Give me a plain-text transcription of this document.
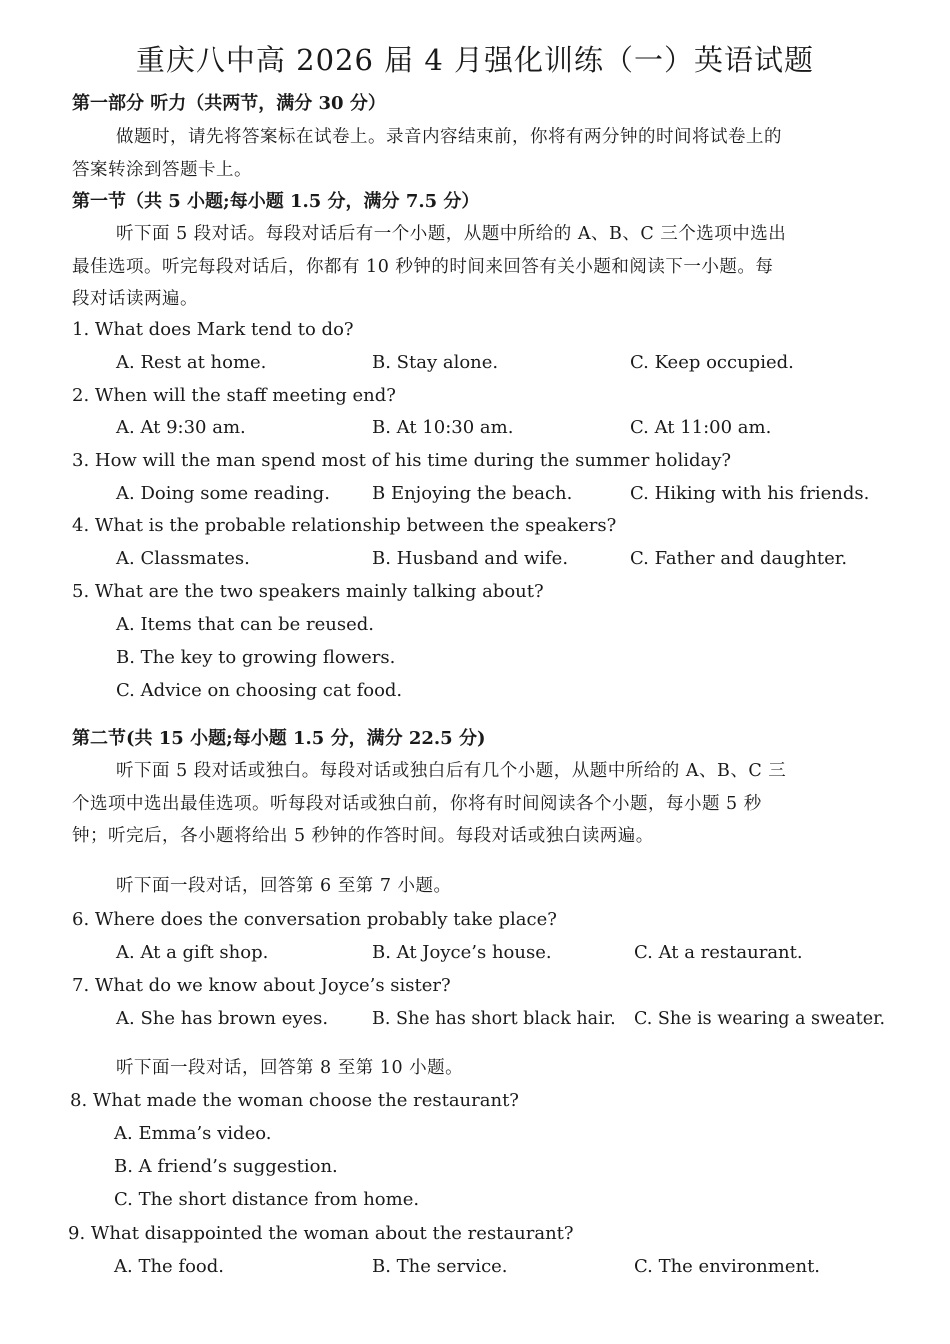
重庆八中高 2026 届 4 月强化训练（一）英语试题
第一部分 听力（共两节，满分 30 分）
做题时，请先将答案标在试卷上。录音内容结束前，你将有两分钟的时间将试卷上的
答案转涂到答题卡上。
第一节（共 5 小题;每小题 1.5 分，满分 7.5 分）
听下面 5 段对话。每段对话后有一个小题，从题中所给的 A、B、C 三个选项中选出
最佳选项。听完每段对话后，你都有 10 秒钟的时间来回答有关小题和阅读下一小题。每
段对话读两遍。
1. What does Mark tend to do?
A. Rest at home.	B. Stay alone.	C. Keep occupied.
2. When will the staff meeting end?
A. At 9:30 am.	B. At 10:30 am.	C. At 11:00 am.
3. How will the man spend most of his time during the summer holiday?
A. Doing some reading. B Enjoying the beach.	C. Hiking with his friends.
4. What is the probable relationship between the speakers?
A. Classmates.	B. Husband and wife.	C. Father and daughter.
5. What are the two speakers mainly talking about?
A. Items that can be reused.
B. The key to growing flowers.
C. Advice on choosing cat food.
第二节(共 15 小题;每小题 1.5 分，满分 22.5 分)
听下面 5 段对话或独白。每段对话或独白后有几个小题，从题中所给的 A、B、C 三
个选项中选出最佳选项。听每段对话或独白前，你将有时间阅读各个小题，每小题 5 秒
钟；听完后，各小题将给出 5 秒钟的作答时间。每段对话或独白读两遍。
听下面一段对话，回答第 6 至第 7 小题。
6. Where does the conversation probably take place?
A. At a gift shop.	B. At Joyce’s house.	C. At a restaurant.
7. What do we know about Joyce’s sister?
A. She has brown eyes.	B. She has short black hair. C. She is wearing a sweater.
听下面一段对话，回答第 8 至第 10 小题。
8. What made the woman choose the restaurant?
A. Emma’s video.
B. A friend’s suggestion.
C. The short distance from home.
9. What disappointed the woman about the restaurant?
A. The food.	B. The service.	C. The environment.
